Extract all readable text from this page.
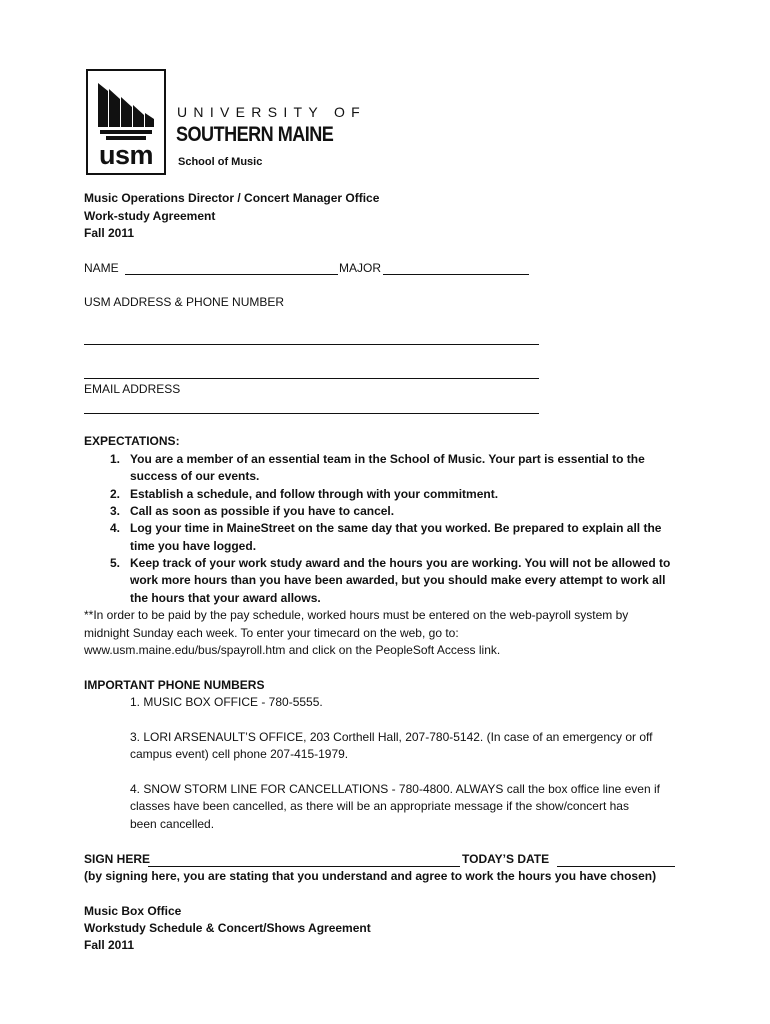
usm
UNIVERSITY OF
SOUTHERN MAINE
School of Music
Music Operations Director / Concert Manager Office
Work-study Agreement
Fall 2011
NAME	MAJOR
USM ADDRESS & PHONE NUMBER
EMAIL ADDRESS
EXPECTATIONS:
1. You are a member of an essential team in the School of Music. Your part is essential to the
success of our events.
2. Establish a schedule, and follow through with your commitment.
3. Call as soon as possible if you have to cancel.
4. Log your time in MaineStreet on the same day that you worked. Be prepared to explain all the
time you have logged.
5. Keep track of your work study award and the hours you are working. You will not be allowed to
work more hours than you have been awarded, but you should make every attempt to work all
the hours that your award allows.
**In order to be paid by the pay schedule, worked hours must be entered on the web-payroll system by
midnight Sunday each week. To enter your timecard on the web, go to:
www.usm.maine.edu/bus/spayroll.htm and click on the PeopleSoft Access link.
IMPORTANT PHONE NUMBERS
1. MUSIC BOX OFFICE - 780-5555.
3. LORI ARSENAULT’S OFFICE, 203 Corthell Hall, 207-780-5142. (In case of an emergency or off
campus event) cell phone 207-415-1979.
4. SNOW STORM LINE FOR CANCELLATIONS - 780-4800. ALWAYS call the box office line even if
classes have been cancelled, as there will be an appropriate message if the show/concert has
been cancelled.
SIGN HERE	TODAY’S DATE
(by signing here, you are stating that you understand and agree to work the hours you have chosen)
Music Box Office
Workstudy Schedule & Concert/Shows Agreement
Fall 2011
